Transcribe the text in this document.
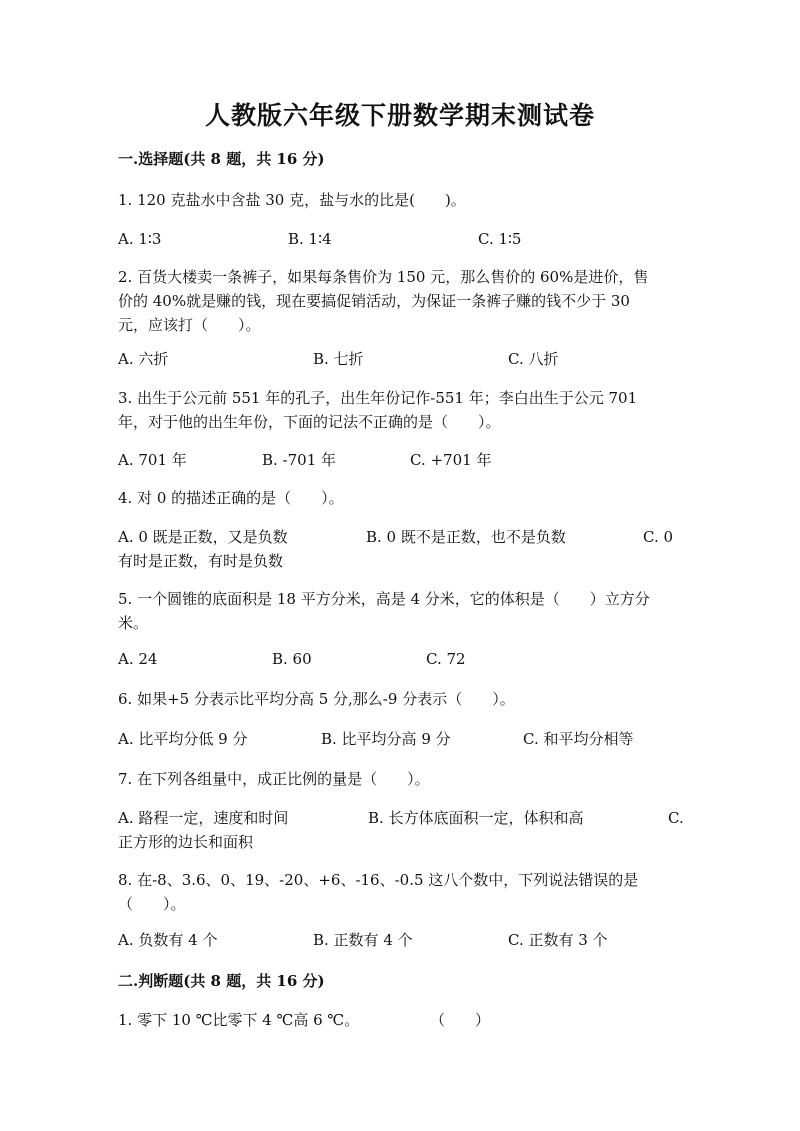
人教版六年级下册数学期末测试卷
一.选择题(共 8 题，共 16 分)
1. 120 克盐水中含盐 30 克，盐与水的比是(　　)。
A. 1∶3	B. 1∶4	C. 1∶5
2. 百货大楼卖一条裤子，如果每条售价为 150 元，那么售价的 60%是进价，售
价的 40%就是赚的钱，现在要搞促销活动，为保证一条裤子赚的钱不少于 30
元，应该打（　　）。
A. 六折	B. 七折	C. 八折
3. 出生于公元前 551 年的孔子，出生年份记作-551 年；李白出生于公元 701
年，对于他的出生年份，下面的记法不正确的是（　　）。
A. 701 年	B. -701 年	C. +701 年
4. 对 0 的描述正确的是（　　）。
A. 0 既是正数，又是负数	B. 0 既不是正数，也不是负数	C. 0
有时是正数，有时是负数
5. 一个圆锥的底面积是 18 平方分米，高是 4 分米，它的体积是（　　）立方分
米。
A. 24	B. 60	C. 72
6. 如果+5 分表示比平均分高 5 分,那么-9 分表示（　　）。
A. 比平均分低 9 分	B. 比平均分高 9 分	C. 和平均分相等
7. 在下列各组量中，成正比例的量是（　　）。
A. 路程一定，速度和时间	B. 长方体底面积一定，体积和高	C.
正方形的边长和面积
8. 在-8、3.6、0、19、-20、+6、-16、-0.5 这八个数中，下列说法错误的是
（　　）。
A. 负数有 4 个	B. 正数有 4 个	C. 正数有 3 个
二.判断题(共 8 题，共 16 分)
1. 零下 10 ℃比零下 4 ℃高 6 ℃。	（　　）
